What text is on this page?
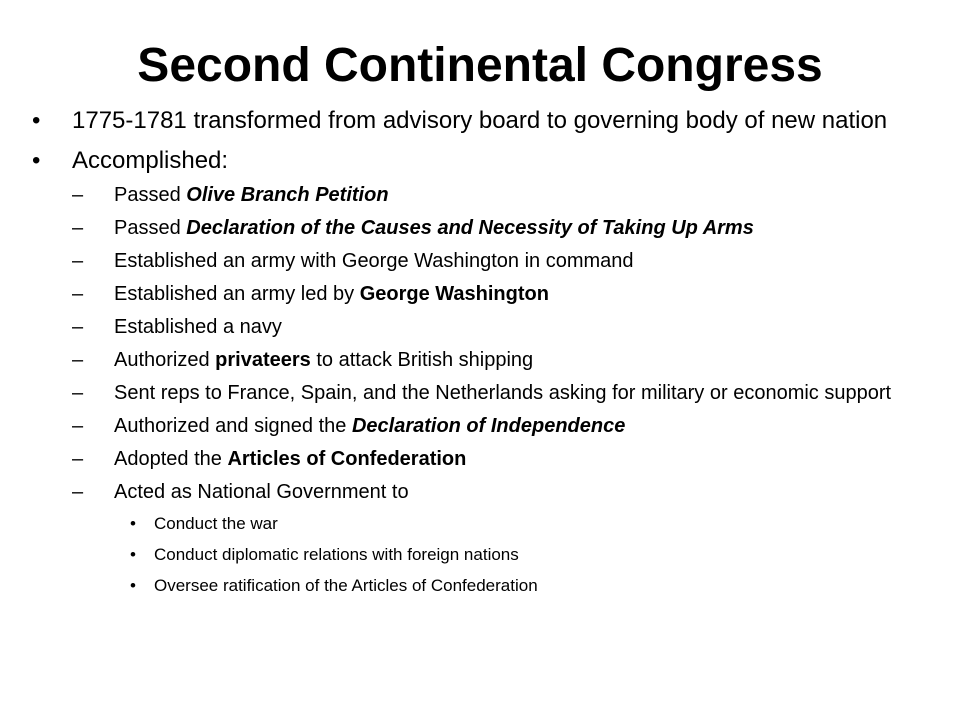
Second Continental Congress
• 1775-1781 transformed from advisory board to governing body of new nation
• Accomplished:
– Passed Olive Branch Petition
– Passed Declaration of the Causes and Necessity of Taking Up Arms
– Established an army with George Washington in command
– Established an army led by George Washington
– Established a navy
– Authorized privateers to attack British shipping
– Sent reps to France, Spain, and the Netherlands asking for military or economic support
– Authorized and signed the Declaration of Independence
– Adopted the Articles of Confederation
– Acted as National Government to
• Conduct the war
• Conduct diplomatic relations with foreign nations
• Oversee ratification of the Articles of Confederation
